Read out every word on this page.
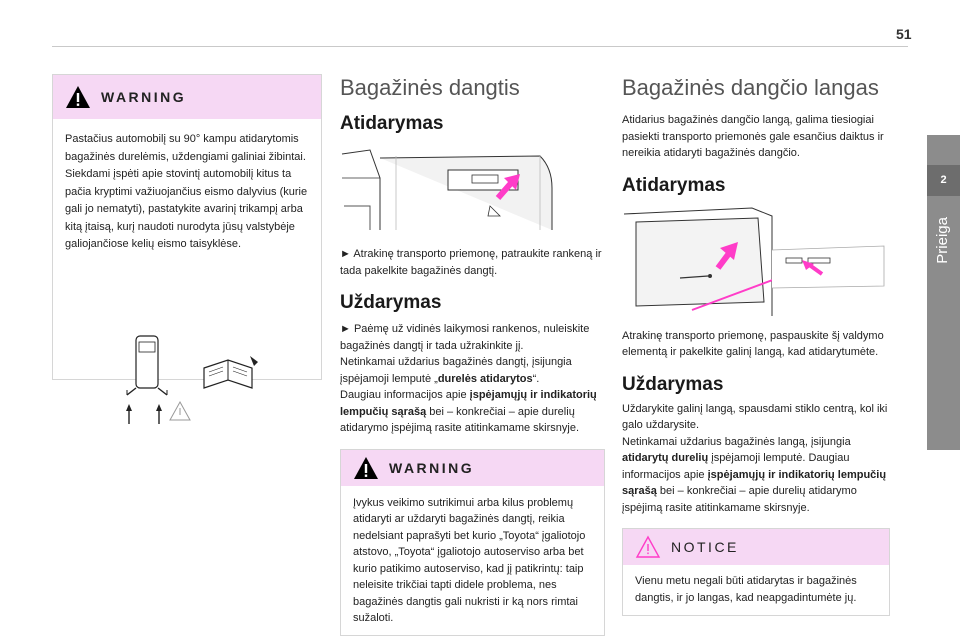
51
2
Prieiga
WARNING
Pastačius automobilį su 90° kampu atidarytomis bagažinės durelėmis, uždengiami galiniai žibintai. Siekdami įspėti apie stovintį automobilį kitus ta pačia kryptimi važiuojančius eismo dalyvius (kurie gali jo nematyti), pastatykite avarinį trikampį arba kitą įtaisą, kurį naudoti nurodyta jūsų valstybėje galiojančiose kelių eismo taisyklėse.
Bagažinės dangtis
Atidarymas
► Atrakinę transporto priemonę, patraukite rankeną ir tada pakelkite bagažinės dangtį.
Uždarymas
► Paėmę už vidinės laikymosi rankenos, nuleiskite bagažinės dangtį ir tada užrakinkite jį.
Netinkamai uždarius bagažinės dangtį, įsijungia įspėjamoji lemputė „durelės atidarytos“.
Daugiau informacijos apie įspėjamųjų ir indikatorių lempučių sąrašą bei – konkrečiai – apie durelių atidarymo įspėjimą rasite atitinkamame skirsnyje.
WARNING
Įvykus veikimo sutrikimui arba kilus problemų atidaryti ar uždaryti bagažinės dangtį, reikia nedelsiant paprašyti bet kurio „Toyota“ įgaliotojo atstovo, „Toyota“ įgaliotojo autoserviso arba bet kurio patikimo autoserviso, kad jį patikrintų: taip neleisite trikčiai tapti didele problema, nes bagažinės dangtis gali nukristi ir ką nors rimtai sužaloti.
Bagažinės dangčio langas
Atidarius bagažinės dangčio langą, galima tiesiogiai pasiekti transporto priemonės gale esančius daiktus ir nereikia atidaryti bagažinės dangčio.
Atidarymas
Atrakinę transporto priemonę, paspauskite šį valdymo elementą ir pakelkite galinį langą, kad atidarytumėte.
Uždarymas
Uždarykite galinį langą, spausdami stiklo centrą, kol iki galo uždarysite.
Netinkamai uždarius bagažinės langą, įsijungia atidarytų durelių įspėjamoji lemputė. Daugiau informacijos apie įspėjamųjų ir indikatorių lempučių sąrašą bei – konkrečiai – apie durelių atidarymo įspėjimą rasite atitinkamame skirsnyje.
NOTICE
Vienu metu negali būti atidarytas ir bagažinės dangtis, ir jo langas, kad neapgadintumėte jų.
